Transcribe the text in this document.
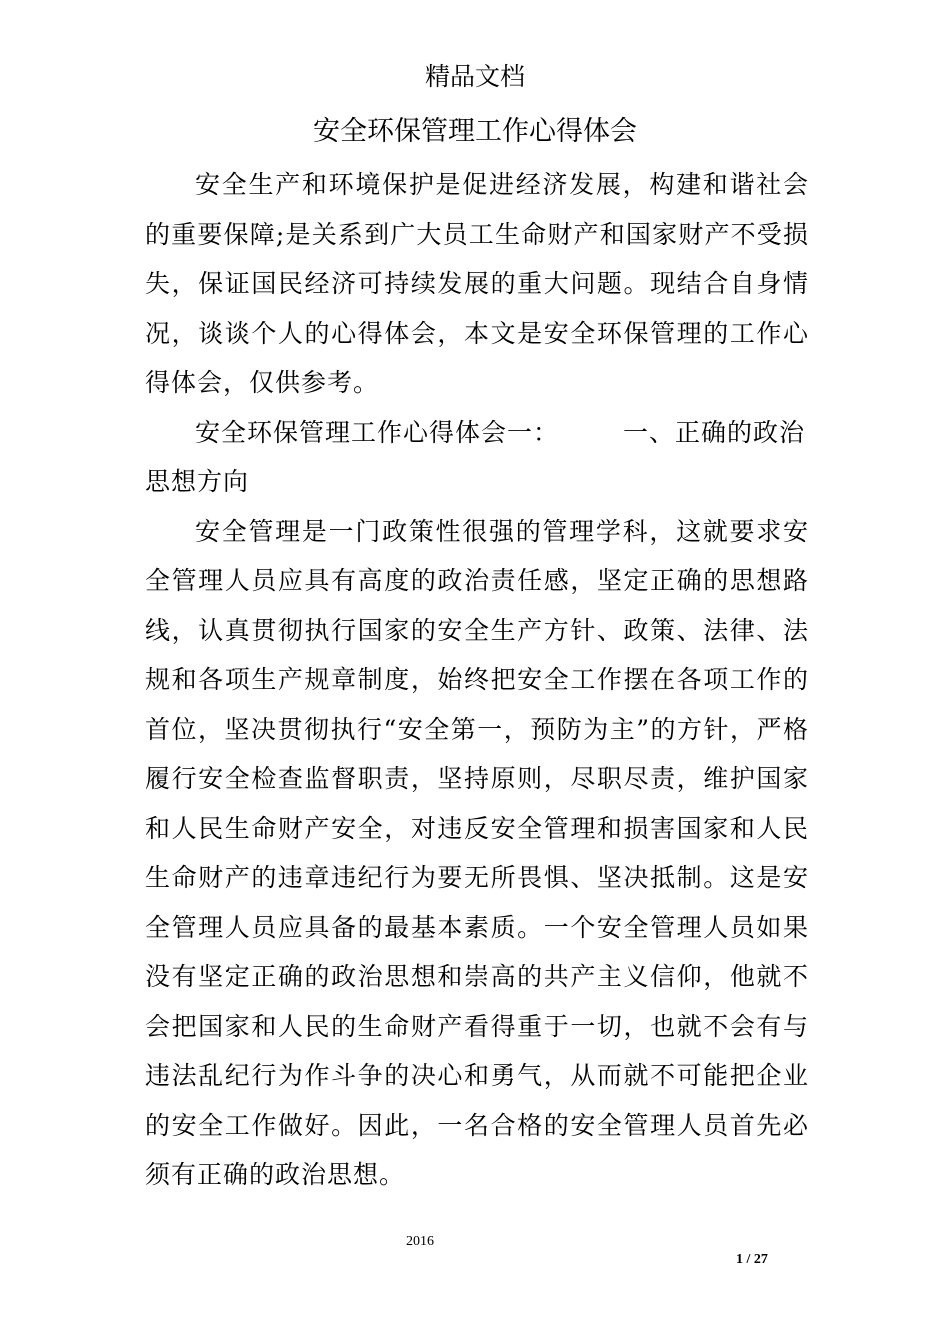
精品文档
安全环保管理工作心得体会

安全生产和环境保护是促进经济发展，构建和谐社会的重要保障;是关系到广大员工生命财产和国家财产不受损失，保证国民经济可持续发展的重大问题。现结合自身情况，谈谈个人的心得体会，本文是安全环保管理的工作心得体会，仅供参考。

安全环保管理工作心得体会一：	一、正确的政治思想方向

安全管理是一门政策性很强的管理学科，这就要求安全管理人员应具有高度的政治责任感，坚定正确的思想路线，认真贯彻执行国家的安全生产方针、政策、法律、法规和各项生产规章制度，始终把安全工作摆在各项工作的首位，坚决贯彻执行“安全第一，预防为主”的方针，严格履行安全检查监督职责，坚持原则，尽职尽责，维护国家和人民生命财产安全，对违反安全管理和损害国家和人民生命财产的违章违纪行为要无所畏惧、坚决抵制。这是安全管理人员应具备的最基本素质。一个安全管理人员如果没有坚定正确的政治思想和崇高的共产主义信仰，他就不会把国家和人民的生命财产看得重于一切，也就不会有与违法乱纪行为作斗争的决心和勇气，从而就不可能把企业的安全工作做好。因此，一名合格的安全管理人员首先必须有正确的政治思想。

2016
1 / 27
